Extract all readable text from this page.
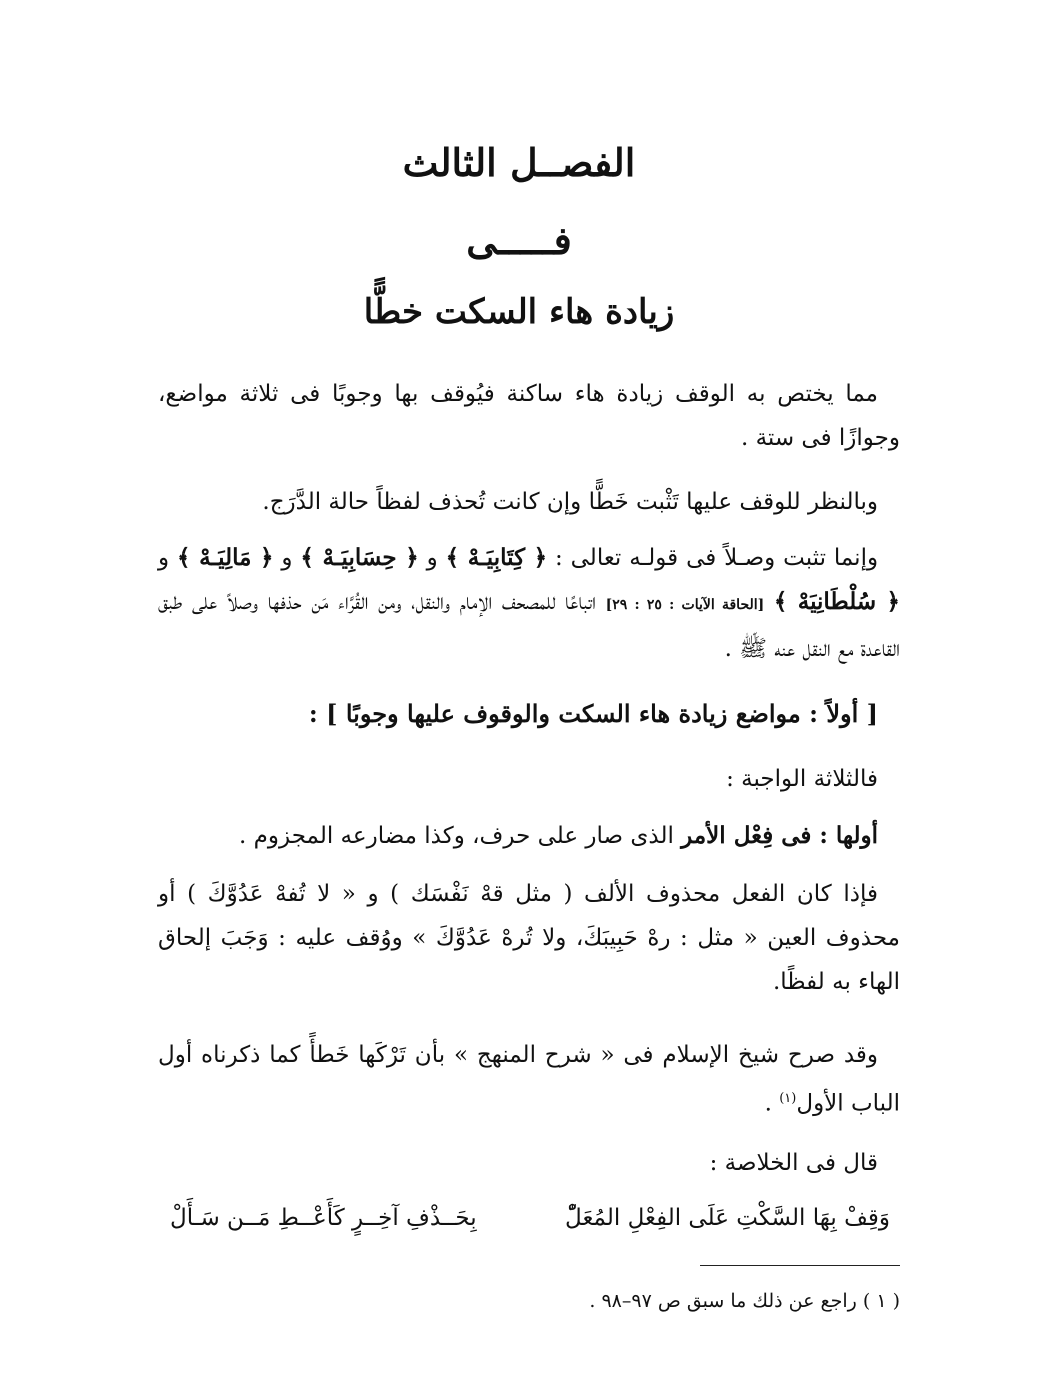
الفصــل الثالث
فـــــى
زيادة هاء السكت خطًّا

مما يختص به الوقف زيادة هاء ساكنة فيُوقف بها وجوبًا فى ثلاثة مواضع، وجوازًا فى ستة .

وبالنظر للوقف عليها تَثْبت خَطًّا وإن كانت تُحذف لفظاً حالة الدَّرَج.

وإنما تثبت وصـلاً فى قولـه تعالى : ﴿ كِتَابِيَـهْ ﴾ و ﴿ حِسَابِيَـهْ ﴾ و ﴿ مَالِيَـهْ ﴾ و ﴿ سُلْطَانِيَهْ ﴾ [الحاقة الآيات : ٢٥ : ٢٩] اتباعًا للمصحف الإمام والنقل، ومن القُرَّاء مَن حذفها وصلاً على طبق القاعدة مع النقل عنه ﷺ .

[ أولاً : مواضع زيادة هاء السكت والوقوف عليها وجوبًا ] :

فالثلاثة الواجبة :

أولها : فى فِعْل الأمر الذى صار على حرف، وكذا مضارعه المجزوم .

فإذا كان الفعل محذوف الألف ( مثل قهْ نَفْسَك ) و « لا تُفهْ عَدُوَّكَ ) أو محذوف العين « مثل : رهْ حَبِيبَكَ، ولا تُرهْ عَدُوَّكَ » ووُقف عليه : وَجَبَ إلحاق الهاء به لفظًا.

وقد صرح شيخ الإسلام فى « شرح المنهج » بأن تَرْكَها خَطأً كما ذكرناه أول الباب الأول$^{(١)}$ .

قال فى الخلاصة :

وَقِفْ بِهَا السَّكْتِ عَلَى الفِعْلِ المُعَلّْ
بِحَــذْفِ آخِــرٍ كَأَعْــطِ مَــن سَـأَلْ
( ١ ) راجع عن ذلك ما سبق ص ٩٧–٩٨ .
